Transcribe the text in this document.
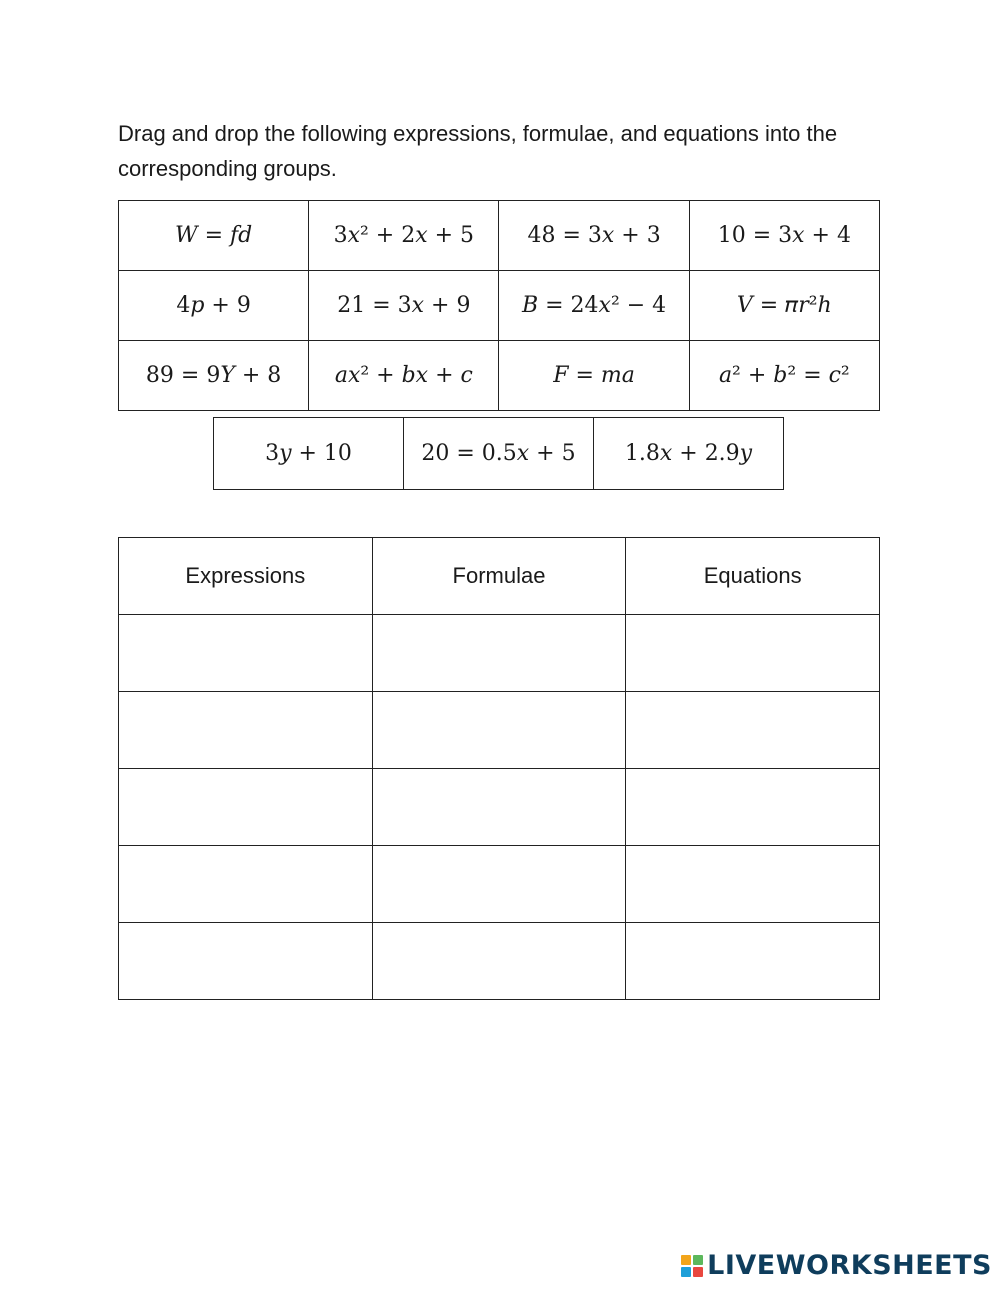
Drag and drop the following expressions, formulae, and equations into the corresponding groups.
𝑊 = 𝑓𝑑	3𝑥² + 2𝑥 + 5	48 = 3𝑥 + 3	10 = 3𝑥 + 4
4𝑝 + 9	21 = 3𝑥 + 9	𝐵 = 24𝑥² − 4	𝑉 = 𝜋𝑟²ℎ
89 = 9𝑌 + 8	𝑎𝑥² + 𝑏𝑥 + 𝑐	𝐹 = 𝑚𝑎	𝑎² + 𝑏² = 𝑐²
3𝑦 + 10	20 = 0.5𝑥 + 5	1.8𝑥 + 2.9𝑦
Expressions	Formulae	Equations

LIVEWORKSHEETS
